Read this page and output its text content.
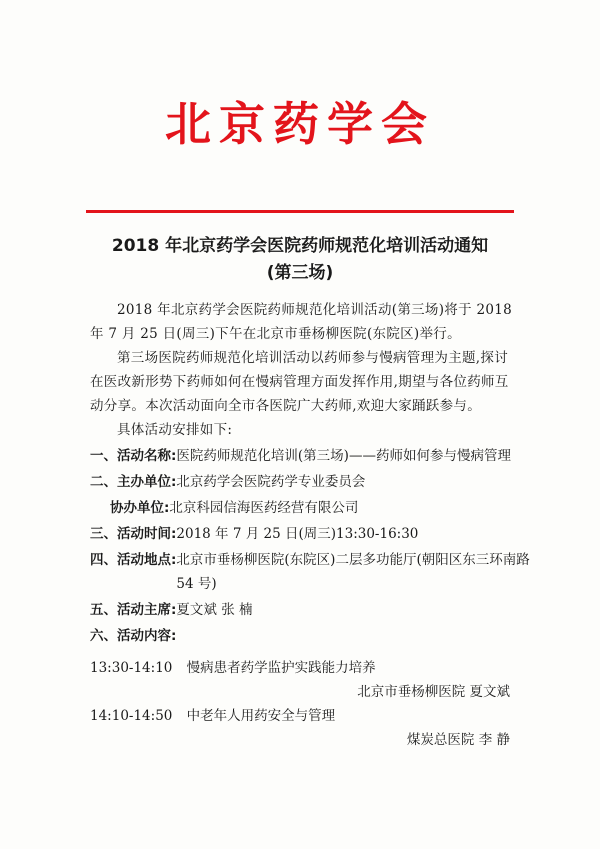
北京药学会
2018 年北京药学会医院药师规范化培训活动通知
(第三场)

2018 年北京药学会医院药师规范化培训活动(第三场)将于 2018 年 7 月 25 日(周三)下午在北京市垂杨柳医院(东院区)举行。

第三场医院药师规范化培训活动以药师参与慢病管理为主题,探讨在医改新形势下药师如何在慢病管理方面发挥作用,期望与各位药师互动分享。本次活动面向全市各医院广大药师,欢迎大家踊跃参与。

具体活动安排如下:
一、活动名称: 医院药师规范化培训(第三场)——药师如何参与慢病管理
二、主办单位: 北京药学会医院药学专业委员会
协办单位: 北京科园信海医药经营有限公司
三、活动时间: 2018 年 7 月 25 日(周三)13:30-16:30
四、活动地点: 北京市垂杨柳医院(东院区)二层多功能厅(朝阳区东三环南路 54 号)
五、活动主席: 夏文斌 张 楠
六、活动内容:
13:30-14:10 慢病患者药学监护实践能力培养
北京市垂杨柳医院 夏文斌
14:10-14:50 中老年人用药安全与管理
煤炭总医院 李 静
